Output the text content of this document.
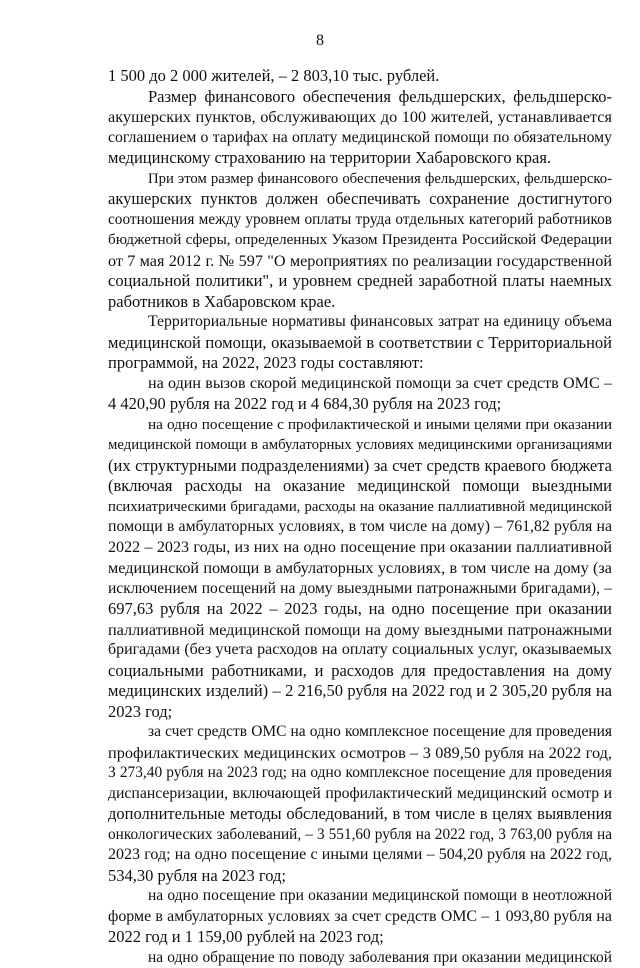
8
1 500 до 2 000 жителей, – 2 803,10 тыс. рублей.
Размер финансового обеспечения фельдшерских, фельдшерско-
акушерских пунктов, обслуживающих до 100 жителей, устанавливается
соглашением о тарифах на оплату медицинской помощи по обязательному
медицинскому страхованию на территории Хабаровского края.
При этом размер финансового обеспечения фельдшерских, фельдшерско-
акушерских пунктов должен обеспечивать сохранение достигнутого
соотношения между уровнем оплаты труда отдельных категорий работников
бюджетной сферы, определенных Указом Президента Российской Федерации
от 7 мая 2012 г. № 597 "О мероприятиях по реализации государственной
социальной политики", и уровнем средней заработной платы наемных
работников в Хабаровском крае.
Территориальные нормативы финансовых затрат на единицу объема
медицинской помощи, оказываемой в соответствии с Территориальной
программой, на 2022, 2023 годы составляют:
на один вызов скорой медицинской помощи за счет средств ОМС –
4 420,90 рубля на 2022 год и 4 684,30 рубля на 2023 год;
на одно посещение с профилактической и иными целями при оказании
медицинской помощи в амбулаторных условиях медицинскими организациями
(их структурными подразделениями) за счет средств краевого бюджета
(включая расходы на оказание медицинской помощи выездными
психиатрическими бригадами, расходы на оказание паллиативной медицинской
помощи в амбулаторных условиях, в том числе на дому) – 761,82 рубля на
2022 – 2023 годы, из них на одно посещение при оказании паллиативной
медицинской помощи в амбулаторных условиях, в том числе на дому (за
исключением посещений на дому выездными патронажными бригадами), –
697,63 рубля на 2022 – 2023 годы, на одно посещение при оказании
паллиативной медицинской помощи на дому выездными патронажными
бригадами (без учета расходов на оплату социальных услуг, оказываемых
социальными работниками, и расходов для предоставления на дому
медицинских изделий) – 2 216,50 рубля на 2022 год и 2 305,20 рубля на
2023 год;
за счет средств ОМС на одно комплексное посещение для проведения
профилактических медицинских осмотров – 3 089,50 рубля на 2022 год,
3 273,40 рубля на 2023 год; на одно комплексное посещение для проведения
диспансеризации, включающей профилактический медицинский осмотр и
дополнительные методы обследований, в том числе в целях выявления
онкологических заболеваний, – 3 551,60 рубля на 2022 год, 3 763,00 рубля на
2023 год; на одно посещение с иными целями – 504,20 рубля на 2022 год,
534,30 рубля на 2023 год;
на одно посещение при оказании медицинской помощи в неотложной
форме в амбулаторных условиях за счет средств ОМС – 1 093,80 рубля на
2022 год и 1 159,00 рублей на 2023 год;
на одно обращение по поводу заболевания при оказании медицинской
